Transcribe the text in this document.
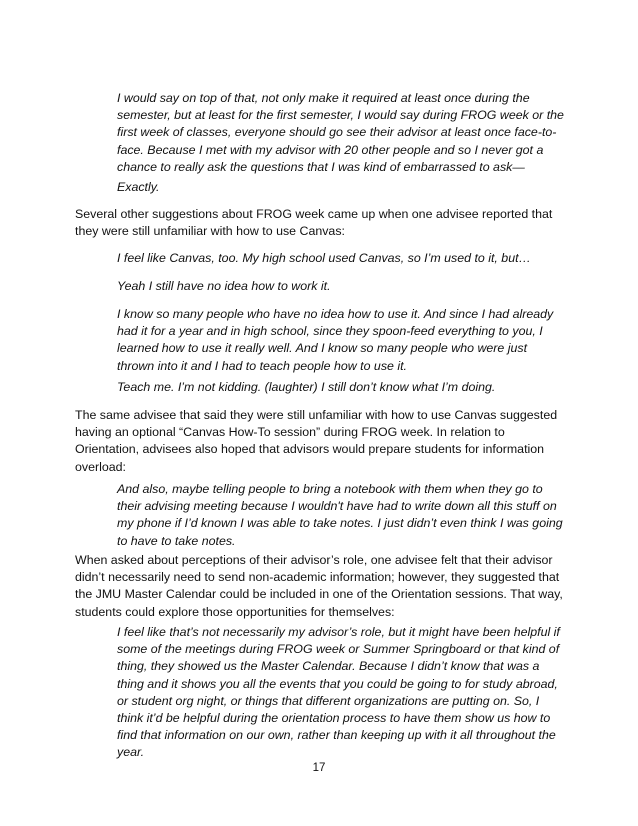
I would say on top of that, not only make it required at least once during the semester, but at least for the first semester, I would say during FROG week or the first week of classes, everyone should go see their advisor at least once face-to-face. Because I met with my advisor with 20 other people and so I never got a chance to really ask the questions that I was kind of embarrassed to ask—
Exactly.
Several other suggestions about FROG week came up when one advisee reported that they were still unfamiliar with how to use Canvas:
I feel like Canvas, too. My high school used Canvas, so I’m used to it, but…
Yeah I still have no idea how to work it.
I know so many people who have no idea how to use it. And since I had already had it for a year and in high school, since they spoon-feed everything to you, I learned how to use it really well. And I know so many people who were just thrown into it and I had to teach people how to use it.
Teach me. I’m not kidding. (laughter) I still don’t know what I’m doing.
The same advisee that said they were still unfamiliar with how to use Canvas suggested having an optional “Canvas How-To session” during FROG week. In relation to Orientation, advisees also hoped that advisors would prepare students for information overload:
And also, maybe telling people to bring a notebook with them when they go to their advising meeting because I wouldn't have had to write down all this stuff on my phone if I’d known I was able to take notes. I just didn’t even think I was going to have to take notes.
When asked about perceptions of their advisor’s role, one advisee felt that their advisor didn’t necessarily need to send non-academic information; however, they suggested that the JMU Master Calendar could be included in one of the Orientation sessions. That way, students could explore those opportunities for themselves:
I feel like that’s not necessarily my advisor’s role, but it might have been helpful if some of the meetings during FROG week or Summer Springboard or that kind of thing, they showed us the Master Calendar. Because I didn’t know that was a thing and it shows you all the events that you could be going to for study abroad, or student org night, or things that different organizations are putting on. So, I think it’d be helpful during the orientation process to have them show us how to find that information on our own, rather than keeping up with it all throughout the year.
17
